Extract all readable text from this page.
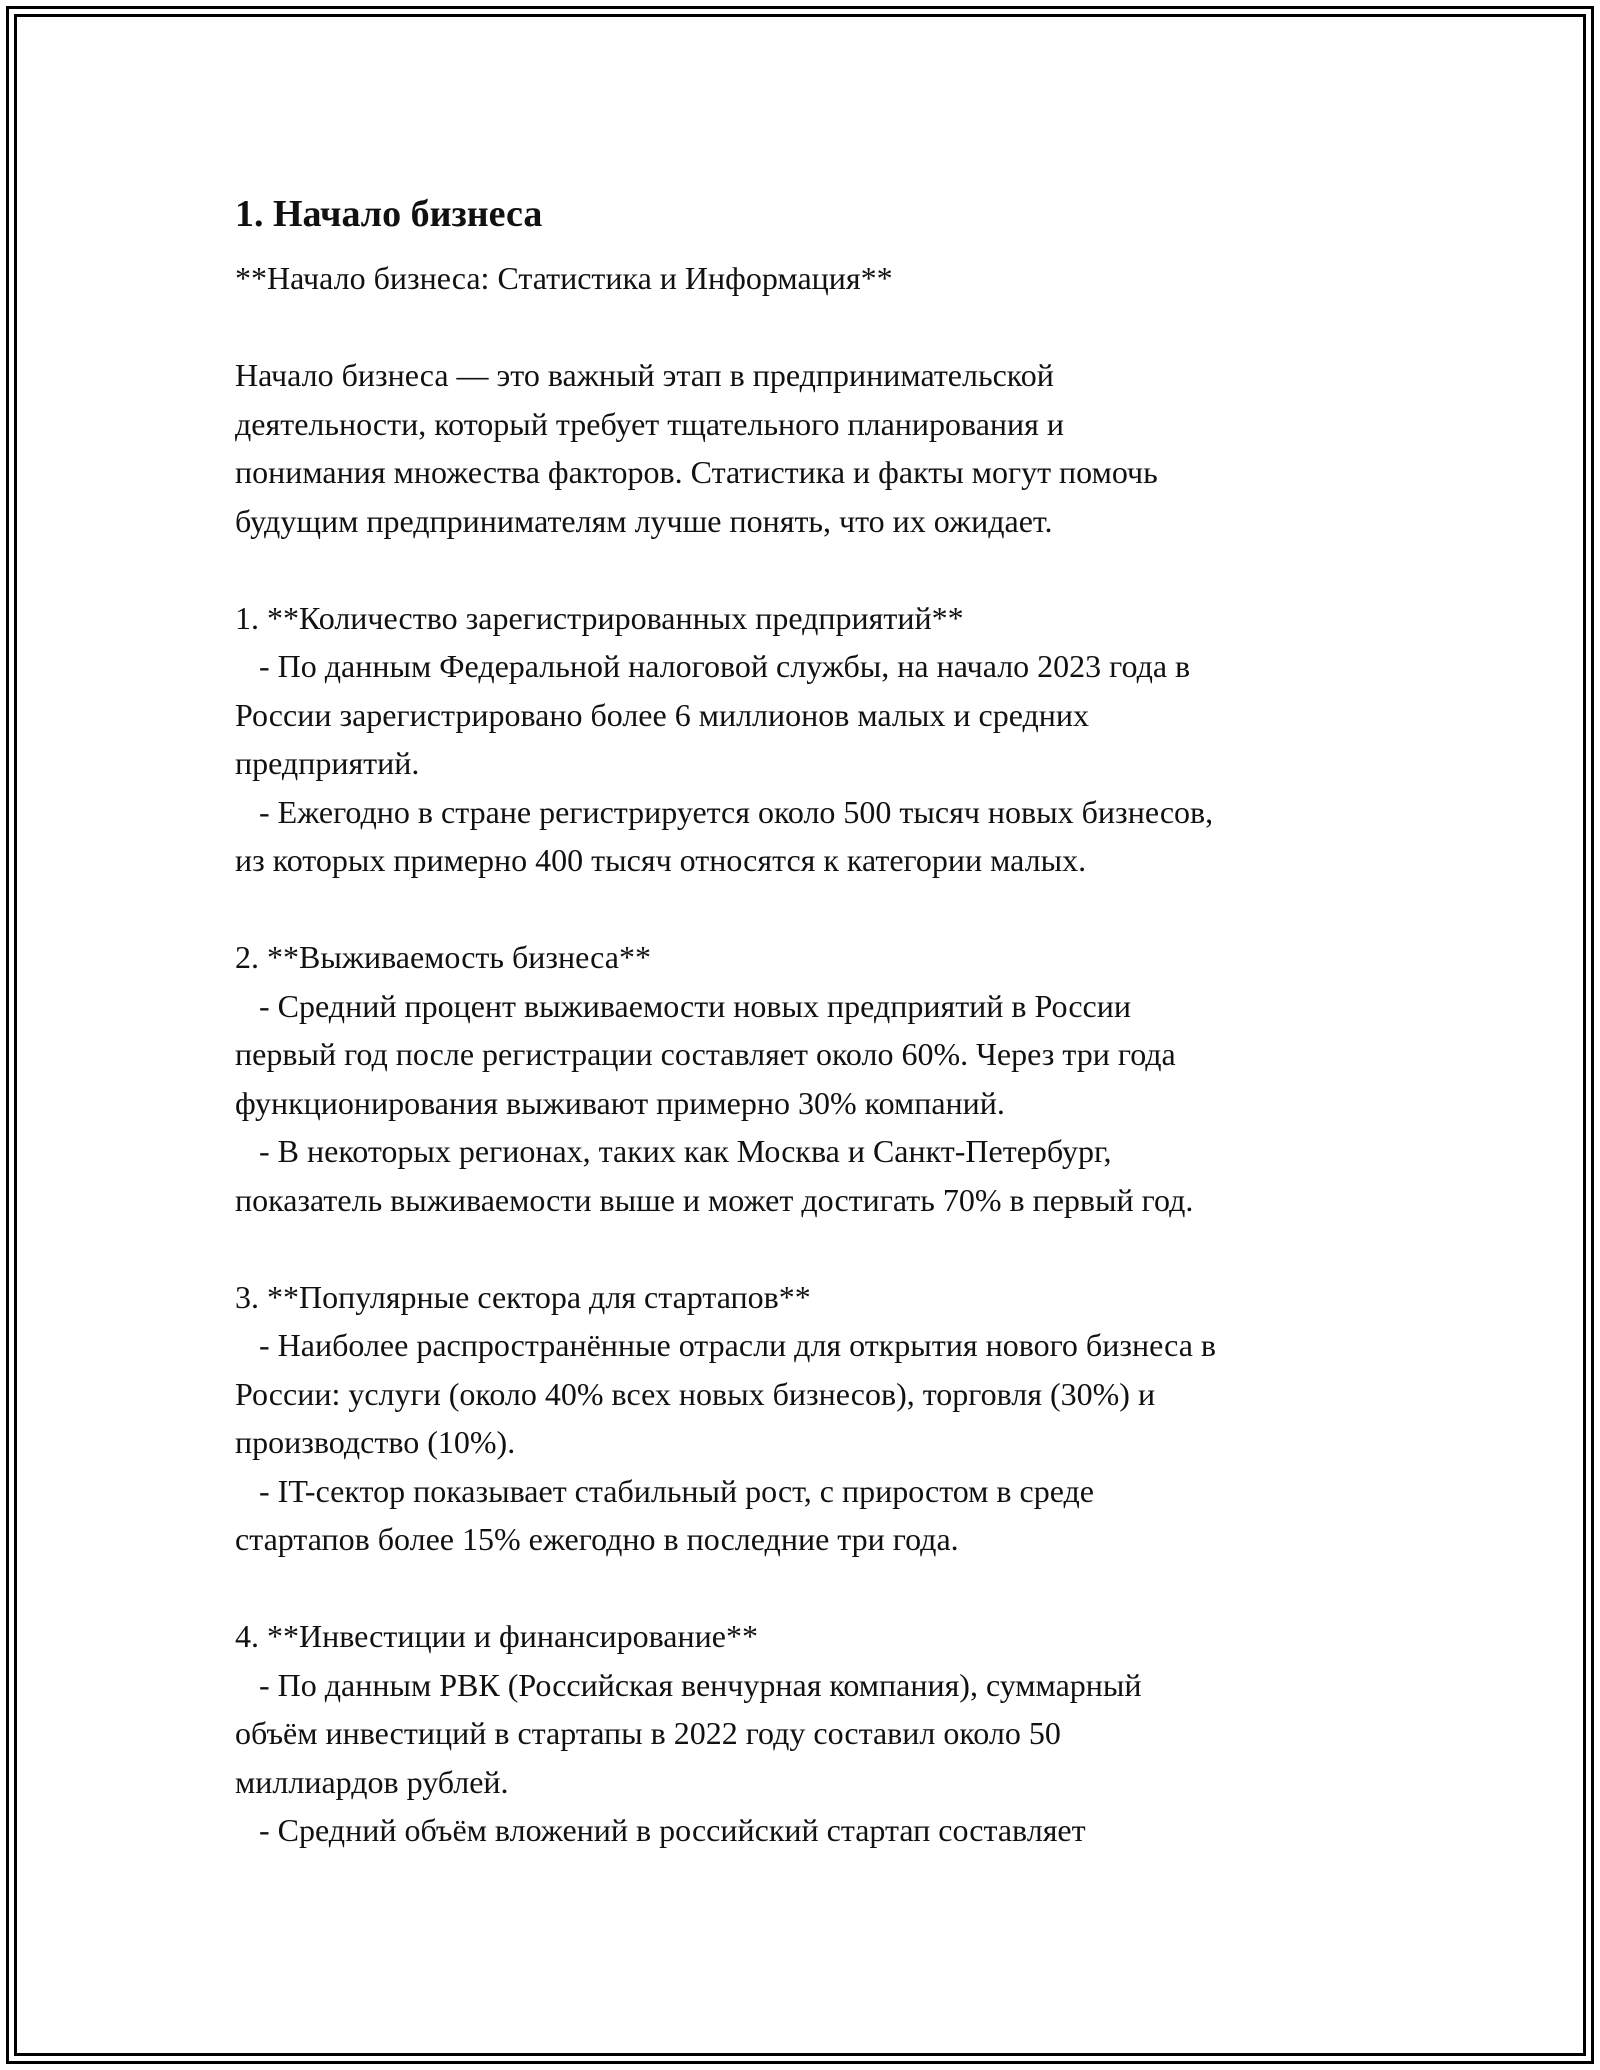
1. Начало бизнеса

**Начало бизнеса: Статистика и Информация**

Начало бизнеса — это важный этап в предпринимательской
деятельности, который требует тщательного планирования и
понимания множества факторов. Статистика и факты могут помочь
будущим предпринимателям лучше понять, что их ожидает.

1. **Количество зарегистрированных предприятий**

- По данным Федеральной налоговой службы, на начало 2023 года в
России зарегистрировано более 6 миллионов малых и средних
предприятий.

- Ежегодно в стране регистрируется около 500 тысяч новых бизнесов,
из которых примерно 400 тысяч относятся к категории малых.

2. **Выживаемость бизнеса**

- Средний процент выживаемости новых предприятий в России
первый год после регистрации составляет около 60%. Через три года
функционирования выживают примерно 30% компаний.

- В некоторых регионах, таких как Москва и Санкт-Петербург,
показатель выживаемости выше и может достигать 70% в первый год.

3. **Популярные сектора для стартапов**

- Наиболее распространённые отрасли для открытия нового бизнеса в
России: услуги (около 40% всех новых бизнесов), торговля (30%) и
производство (10%).

- IT-сектор показывает стабильный рост, с приростом в среде
стартапов более 15% ежегодно в последние три года.

4. **Инвестиции и финансирование**

- По данным РВК (Российская венчурная компания), суммарный
объём инвестиций в стартапы в 2022 году составил около 50
миллиардов рублей.

- Средний объём вложений в российский стартап составляет
